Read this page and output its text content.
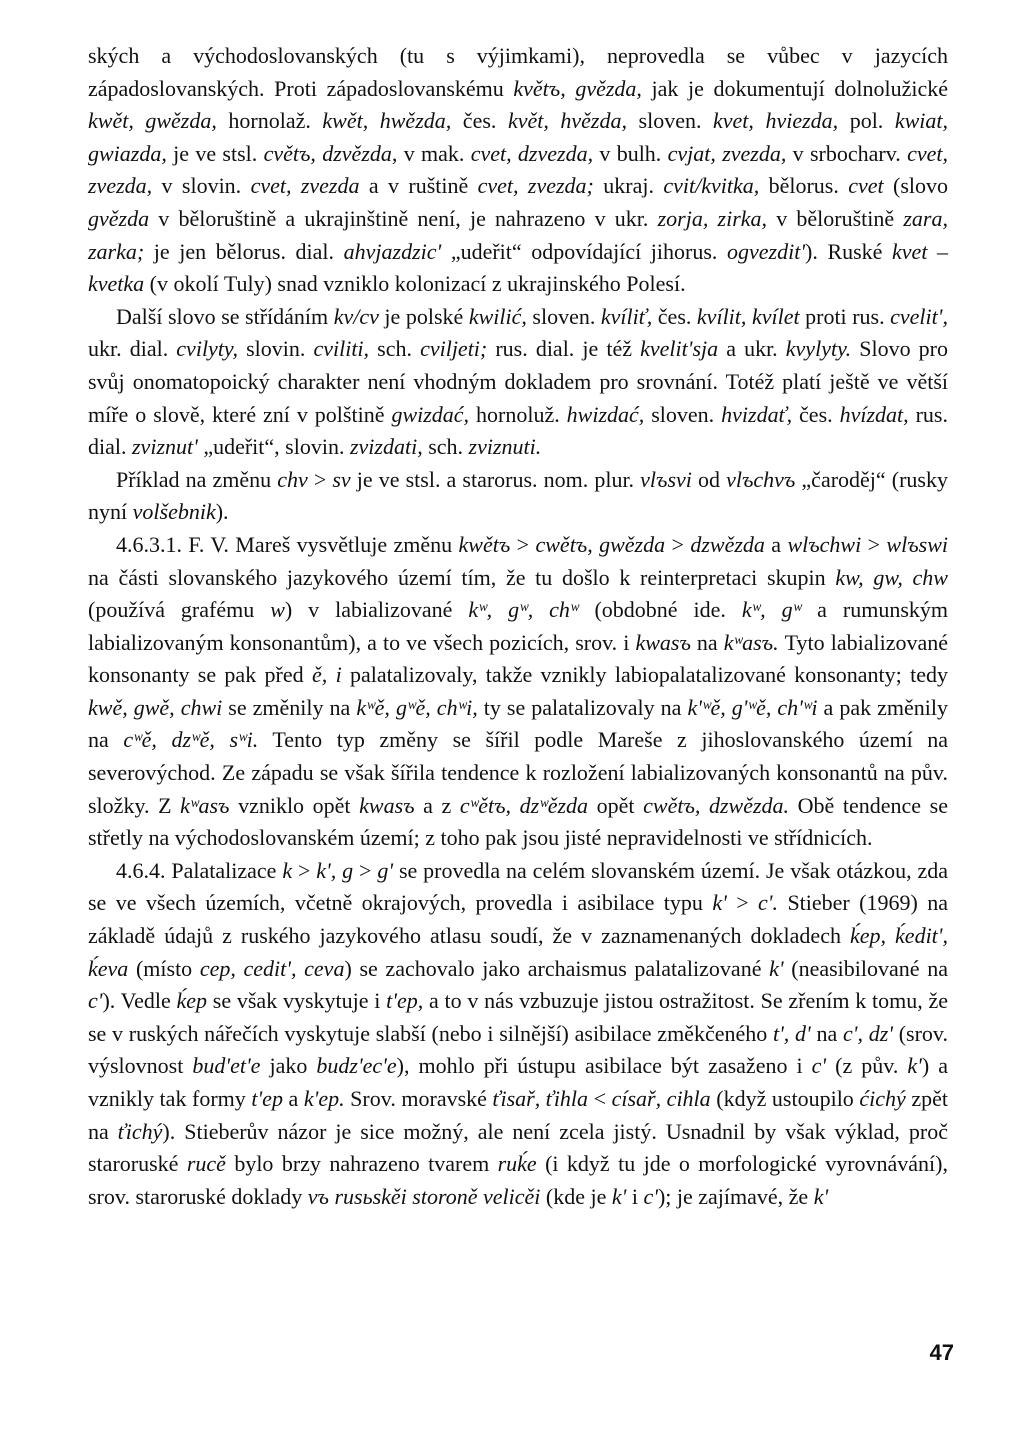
ských a východoslovanských (tu s výjimkami), neprovedla se vůbec v jazycích západoslovanských. Proti západoslovanskému květъ, gvězda, jak je dokumentují dolnolužické kwět, gwězda, hornolaž. kwět, hwězda, čes. květ, hvězda, sloven. kvet, hviezda, pol. kwiat, gwiazda, je ve stsl. cvětъ, dzvězda, v mak. cvet, dzvezda, v bulh. cvjat, zvezda, v srbocharv. cvet, zvezda, v slovin. cvet, zvezda a v ruštině cvet, zvezda; ukraj. cvit/kvitka, bělorus. cvet (slovo gvězda v běloruštině a ukrajinštině není, je nahrazeno v ukr. zorja, zirka, v běloruštině zara, zarka; je jen bělorus. dial. ahvjazdzic' „udeřit“ odpovídající jihorus. ogvezdit'). Ruské kvet – kvetka (v okolí Tuly) snad vzniklo kolonizací z ukrajinského Polesí.

Další slovo se střídáním kv/cv je polské kwilić, sloven. kvíliť, čes. kvílit, kvílet proti rus. cvelit', ukr. dial. cvilyty, slovin. cviliti, sch. cviljeti; rus. dial. je též kvelit'sja a ukr. kvylyty. Slovo pro svůj onomatopoický charakter není vhodným dokladem pro srovnání. Totéž platí ještě ve větší míře o slově, které zní v polštině gwizdać, hornoluž. hwizdać, sloven. hvizdať, čes. hvízdat, rus. dial. zviznut' „udeřit“, slovin. zvizdati, sch. zviznuti.

Příklad na změnu chv > sv je ve stsl. a starorus. nom. plur. vlъsvi od vlъchvъ „čaroděj“ (rusky nyní volšebnik).

4.6.3.1. F. V. Mareš vysvětluje změnu kwětъ > cwětъ, gwězda > dzwězda a wlъchwi > wlъswi na části slovanského jazykového území tím, že tu došlo k reinterpretaci skupin kw, gw, chw (používá grafému w) v labializované kʷ, gʷ, chʷ (obdobné ide. kʷ, gʷ a rumunským labializovaným konsonantům), a to ve všech pozicích, srov. i kwasъ na kʷasъ. Tyto labializované konsonanty se pak před ě, i palatalizovaly, takže vznikly labiopalatalizované konsonanty; tedy kwě, gwě, chwi se změnily na kʷě, gʷě, chʷi, ty se palatalizovaly na k'ʷě, g'ʷě, ch'ʷi a pak změnily na cʷě, dzʷě, sʷi. Tento typ změny se šířil podle Mareše z jihoslovanského území na severovýchod. Ze západu se však šířila tendence k rozložení labializovaných konsonantů na pův. složky. Z kʷasъ vzniklo opět kwasъ a z cʷětъ, dzʷězda opět cwětъ, dzwězda. Obě tendence se střetly na východoslovanském území; z toho pak jsou jisté nepravidelnosti ve střídnicích.

4.6.4. Palatalizace k > k', g > g' se provedla na celém slovanském území. Je však otázkou, zda se ve všech územích, včetně okrajových, provedla i asibilace typu k' > c'. Stieber (1969) na základě údajů z ruského jazykového atlasu soudí, že v zaznamenaných dokladech ḱep, ḱedit', ḱeva (místo cep, cedit', ceva) se zachovalo jako archaismus palatalizované k' (neasibilované na c'). Vedle ḱep se však vyskytuje i t'ep, a to v nás vzbuzuje jistou ostražitost. Se zřením k tomu, že se v ruských nářečích vyskytuje slabší (nebo i silnější) asibilace změkčeného t', d' na c', dz' (srov. výslovnost bud'et'e jako budz'ec'e), mohlo při ústupu asibilace být zasaženo i c' (z pův. k') a vznikly tak formy t'ep a k'ep. Srov. moravské ťisař, ťihla < císař, cihla (když ustoupilo ćichý zpět na ťichý). Stieberův názor je sice možný, ale není zcela jistý. Usnadnil by však výklad, proč staroruské rucě bylo brzy nahrazeno tvarem ruḱe (i když tu jde o morfologické vyrovnávání), srov. staroruské doklady vъ rusьskěi storoně velicěi (kde je k' i c'); je zajímavé, že k'

47
